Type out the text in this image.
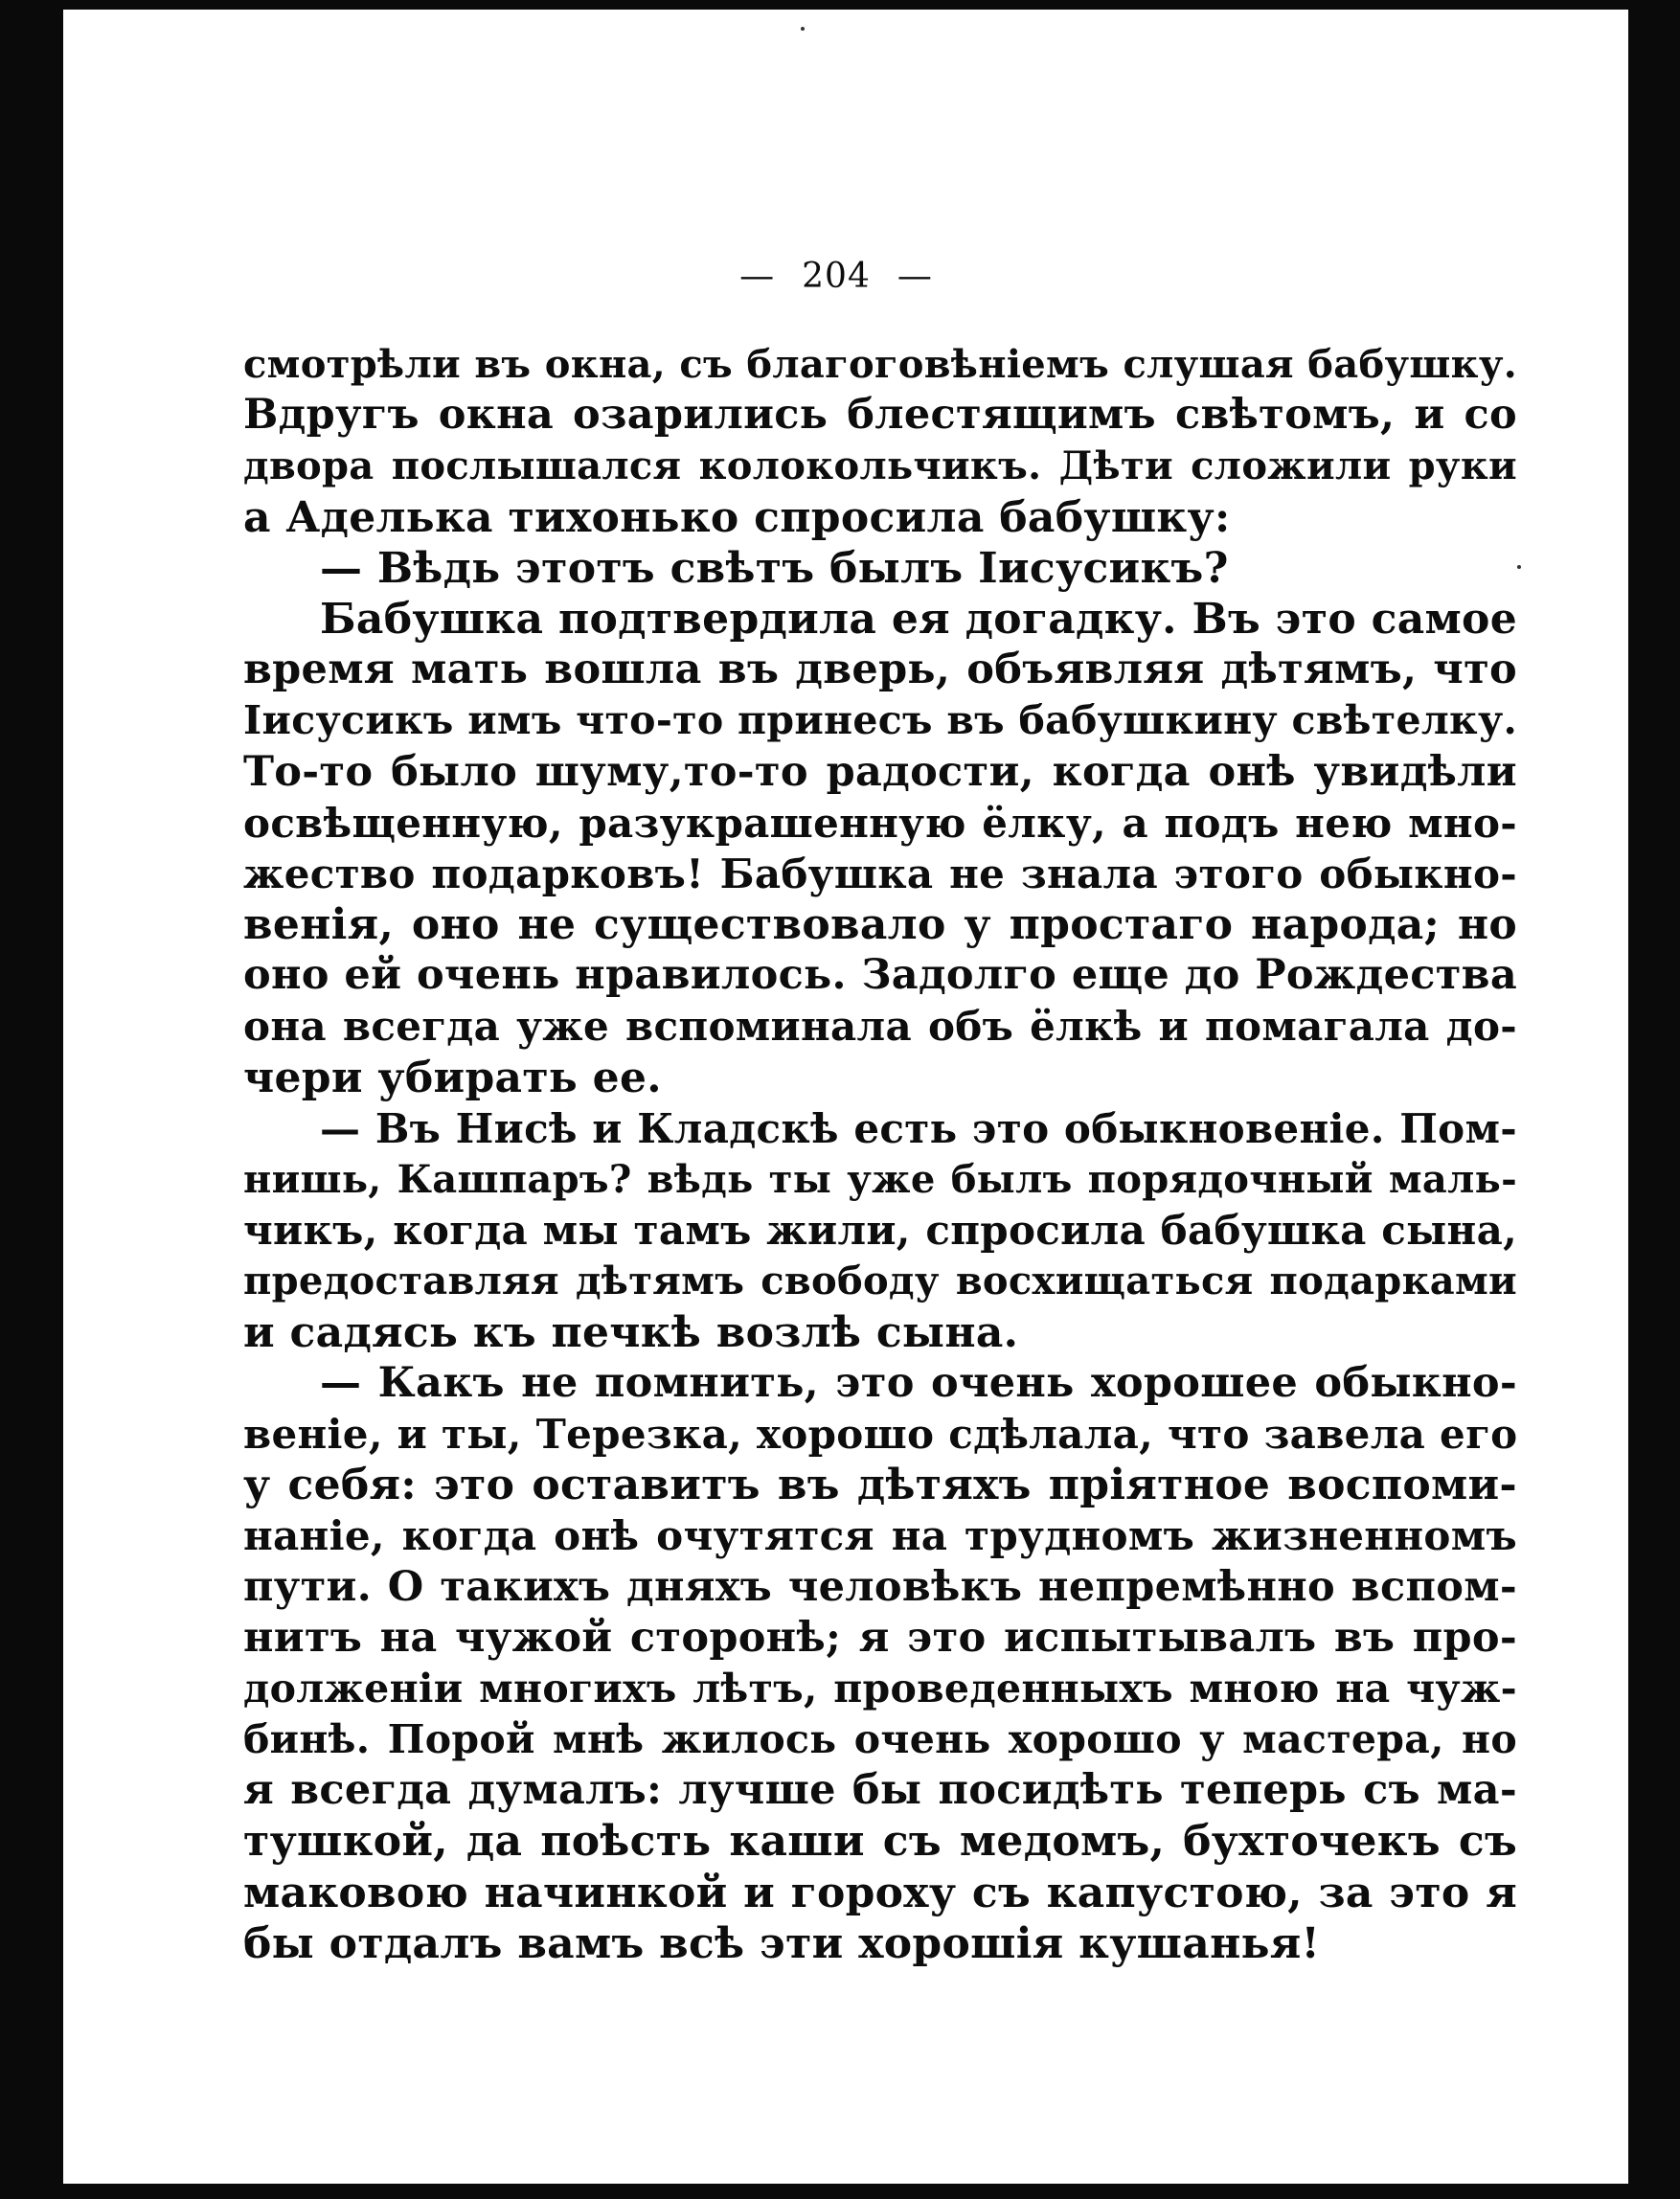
— 204 —
смотрѣли въ окна, съ благоговѣніемъ слушая бабушку.
Вдругъ окна озарились блестящимъ свѣтомъ, и со
двора послышался колокольчикъ. Дѣти сложили руки
а Аделька тихонько спросила бабушку:
— Вѣдь этотъ свѣтъ былъ Іисусикъ?
Бабушка подтвердила ея догадку. Въ это самое
время мать вошла въ дверь, объявляя дѣтямъ, что
Іисусикъ имъ что-то принесъ въ бабушкину свѣтелку.
То-то было шуму,то-то радости, когда онѣ увидѣли
освѣщенную, разукрашенную ёлку, а подъ нею мно-
жество подарковъ! Бабушка не знала этого обыкно-
венія, оно не существовало у простаго народа; но
оно ей очень нравилось. Задолго еще до Рождества
она всегда уже вспоминала объ ёлкѣ и помагала до-
чери убирать ее.
— Въ Нисѣ и Кладскѣ есть это обыкновеніе. Пом-
нишь, Кашпаръ? вѣдь ты уже былъ порядочный маль-
чикъ, когда мы тамъ жили, спросила бабушка сына,
предоставляя дѣтямъ свободу восхищаться подарками
и садясь къ печкѣ возлѣ сына.
— Какъ не помнить, это очень хорошее обыкно-
веніе, и ты, Терезка, хорошо сдѣлала, что завела его
у себя: это оставитъ въ дѣтяхъ пріятное воспоми-
наніе, когда онѣ очутятся на трудномъ жизненномъ
пути. О такихъ дняхъ человѣкъ непремѣнно вспом-
нитъ на чужой сторонѣ; я это испытывалъ въ про-
долженіи многихъ лѣтъ, проведенныхъ мною на чуж-
бинѣ. Порой мнѣ жилось очень хорошо у мастера, но
я всегда думалъ: лучше бы посидѣть теперь съ ма-
тушкой, да поѣсть каши съ медомъ, бухточекъ съ
маковою начинкой и гороху съ капустою, за это я
бы отдалъ вамъ всѣ эти хорошія кушанья!
